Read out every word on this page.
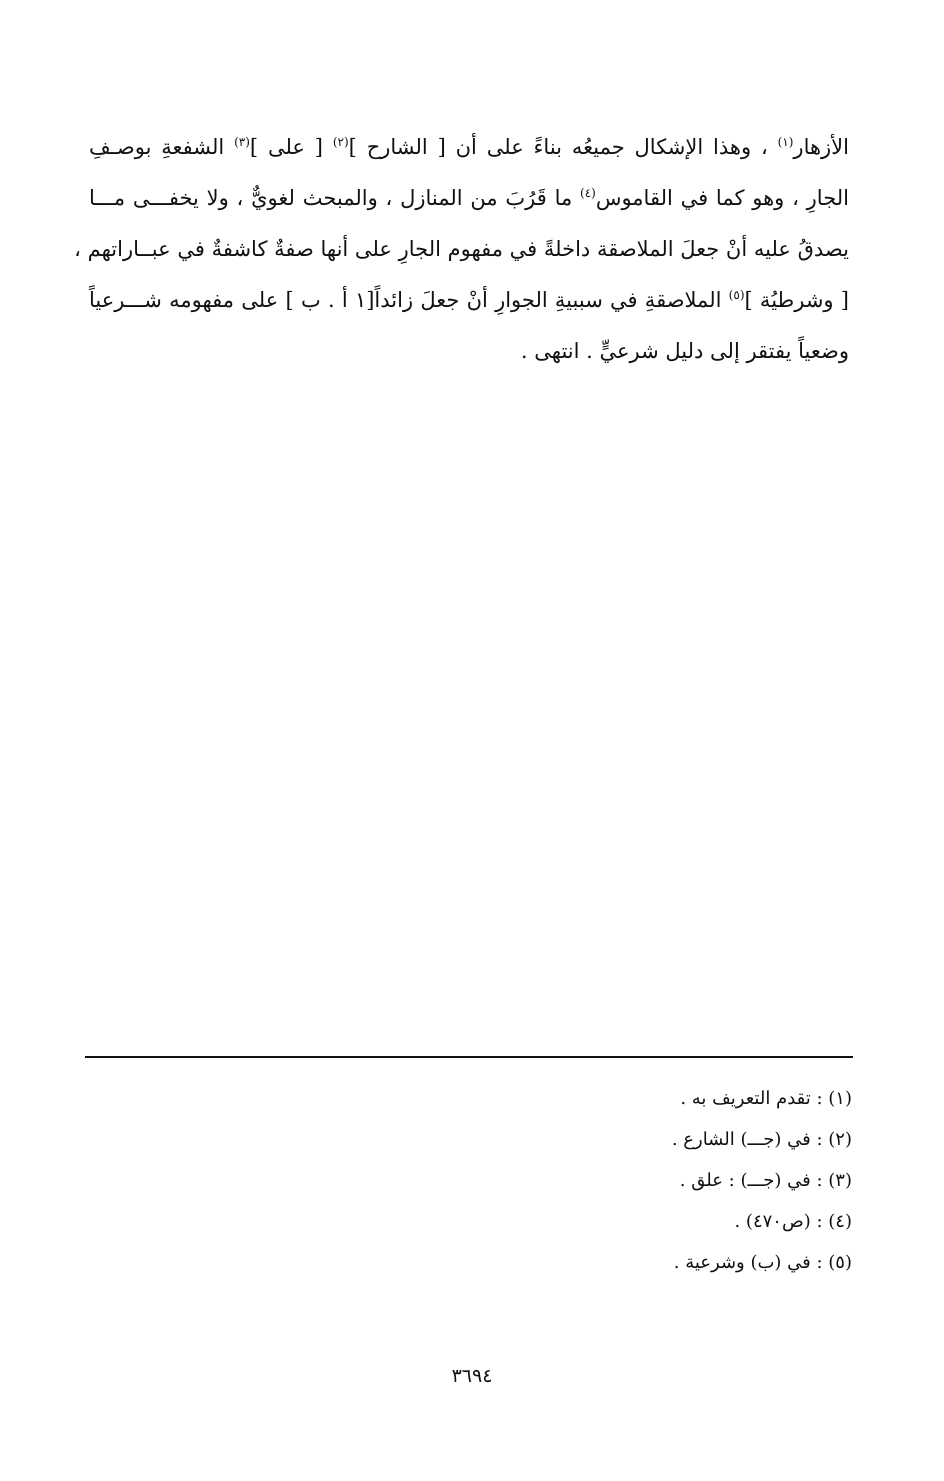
الأزهار$^{(١)}$ ، وهذا الإشكال جميعُه بناءً على أن [ الشارح ]$^{(٢)}$ [ على ]$^{(٣)}$ الشفعةِ بوصـفِ
الجارِ ، وهو كما في القاموس$^{(٤)}$ ما قَرُبَ من المنازل ، والمبحث لغويٌّ ، ولا يخفـــى مـــا
يصدقُ عليه أنْ جعلَ الملاصقة داخلةً في مفهوم الجارِ على أنها صفةٌ كاشفةٌ في عبــاراتهم ،
[ وشرطيُة ]$^{(٥)}$ الملاصقةِ في سببيةِ الجوارِ أنْ جعلَ زائداً[١ أ . ب ] على مفهومه شـــرعياً
وضعياً يفتقر إلى دليل شرعيٍّ . انتهى .

(١) : تقدم التعريف به .
(٢) : في (جـــ) الشارع .
(٣) : في (جـــ) : علق .
(٤) : (ص٤٧٠) .
(٥) : في (ب) وشرعية .
٣٦٩٤
